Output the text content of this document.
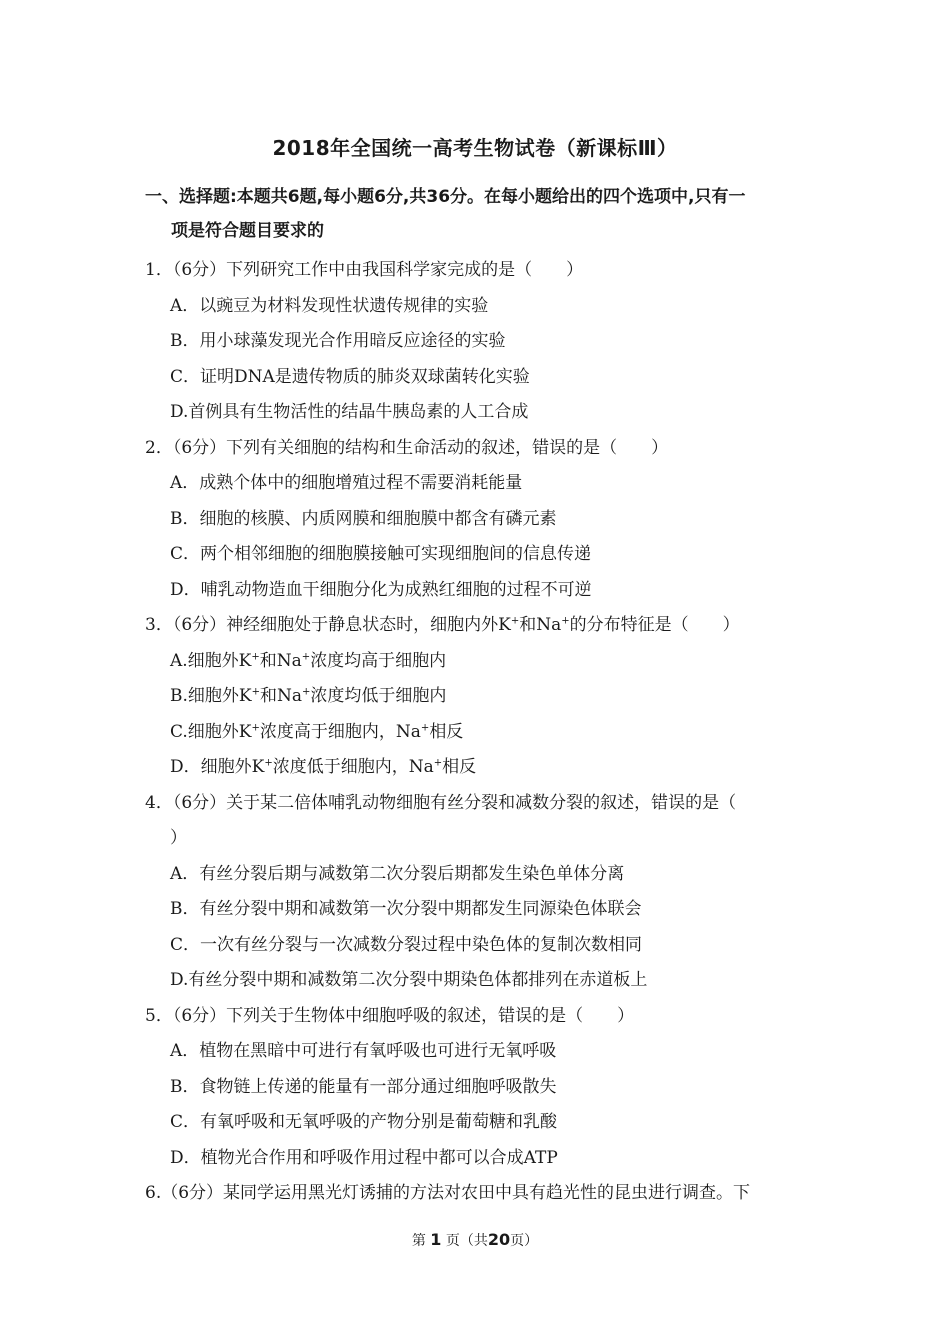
2018年全国统一高考生物试卷（新课标Ⅲ）
一、选择题:本题共6题,每小题6分,共36分。在每小题给出的四个选项中,只有一
项是符合题目要求的
1．（6分）下列研究工作中由我国科学家完成的是（　　）
A．以豌豆为材料发现性状遗传规律的实验
B．用小球藻发现光合作用暗反应途径的实验
C．证明DNA是遗传物质的肺炎双球菌转化实验
D.首例具有生物活性的结晶牛胰岛素的人工合成
2．（6分）下列有关细胞的结构和生命活动的叙述，错误的是（　　）
A．成熟个体中的细胞增殖过程不需要消耗能量
B．细胞的核膜、内质网膜和细胞膜中都含有磷元素
C．两个相邻细胞的细胞膜接触可实现细胞间的信息传递
D．哺乳动物造血干细胞分化为成熟红细胞的过程不可逆
3．（6分）神经细胞处于静息状态时，细胞内外K+和Na+的分布特征是（　　）
A.细胞外K+和Na+浓度均高于细胞内
B.细胞外K+和Na+浓度均低于细胞内
C.细胞外K+浓度高于细胞内，Na+相反
D．细胞外K+浓度低于细胞内，Na+相反
4．（6分）关于某二倍体哺乳动物细胞有丝分裂和减数分裂的叙述，错误的是（
）
A．有丝分裂后期与减数第二次分裂后期都发生染色单体分离
B．有丝分裂中期和减数第一次分裂中期都发生同源染色体联会
C．一次有丝分裂与一次减数分裂过程中染色体的复制次数相同
D.有丝分裂中期和减数第二次分裂中期染色体都排列在赤道板上
5．（6分）下列关于生物体中细胞呼吸的叙述，错误的是（　　）
A．植物在黑暗中可进行有氧呼吸也可进行无氧呼吸
B．食物链上传递的能量有一部分通过细胞呼吸散失
C．有氧呼吸和无氧呼吸的产物分别是葡萄糖和乳酸
D．植物光合作用和呼吸作用过程中都可以合成ATP
6.（6分）某同学运用黑光灯诱捕的方法对农田中具有趋光性的昆虫进行调查。下
第 1 页（共20页）
